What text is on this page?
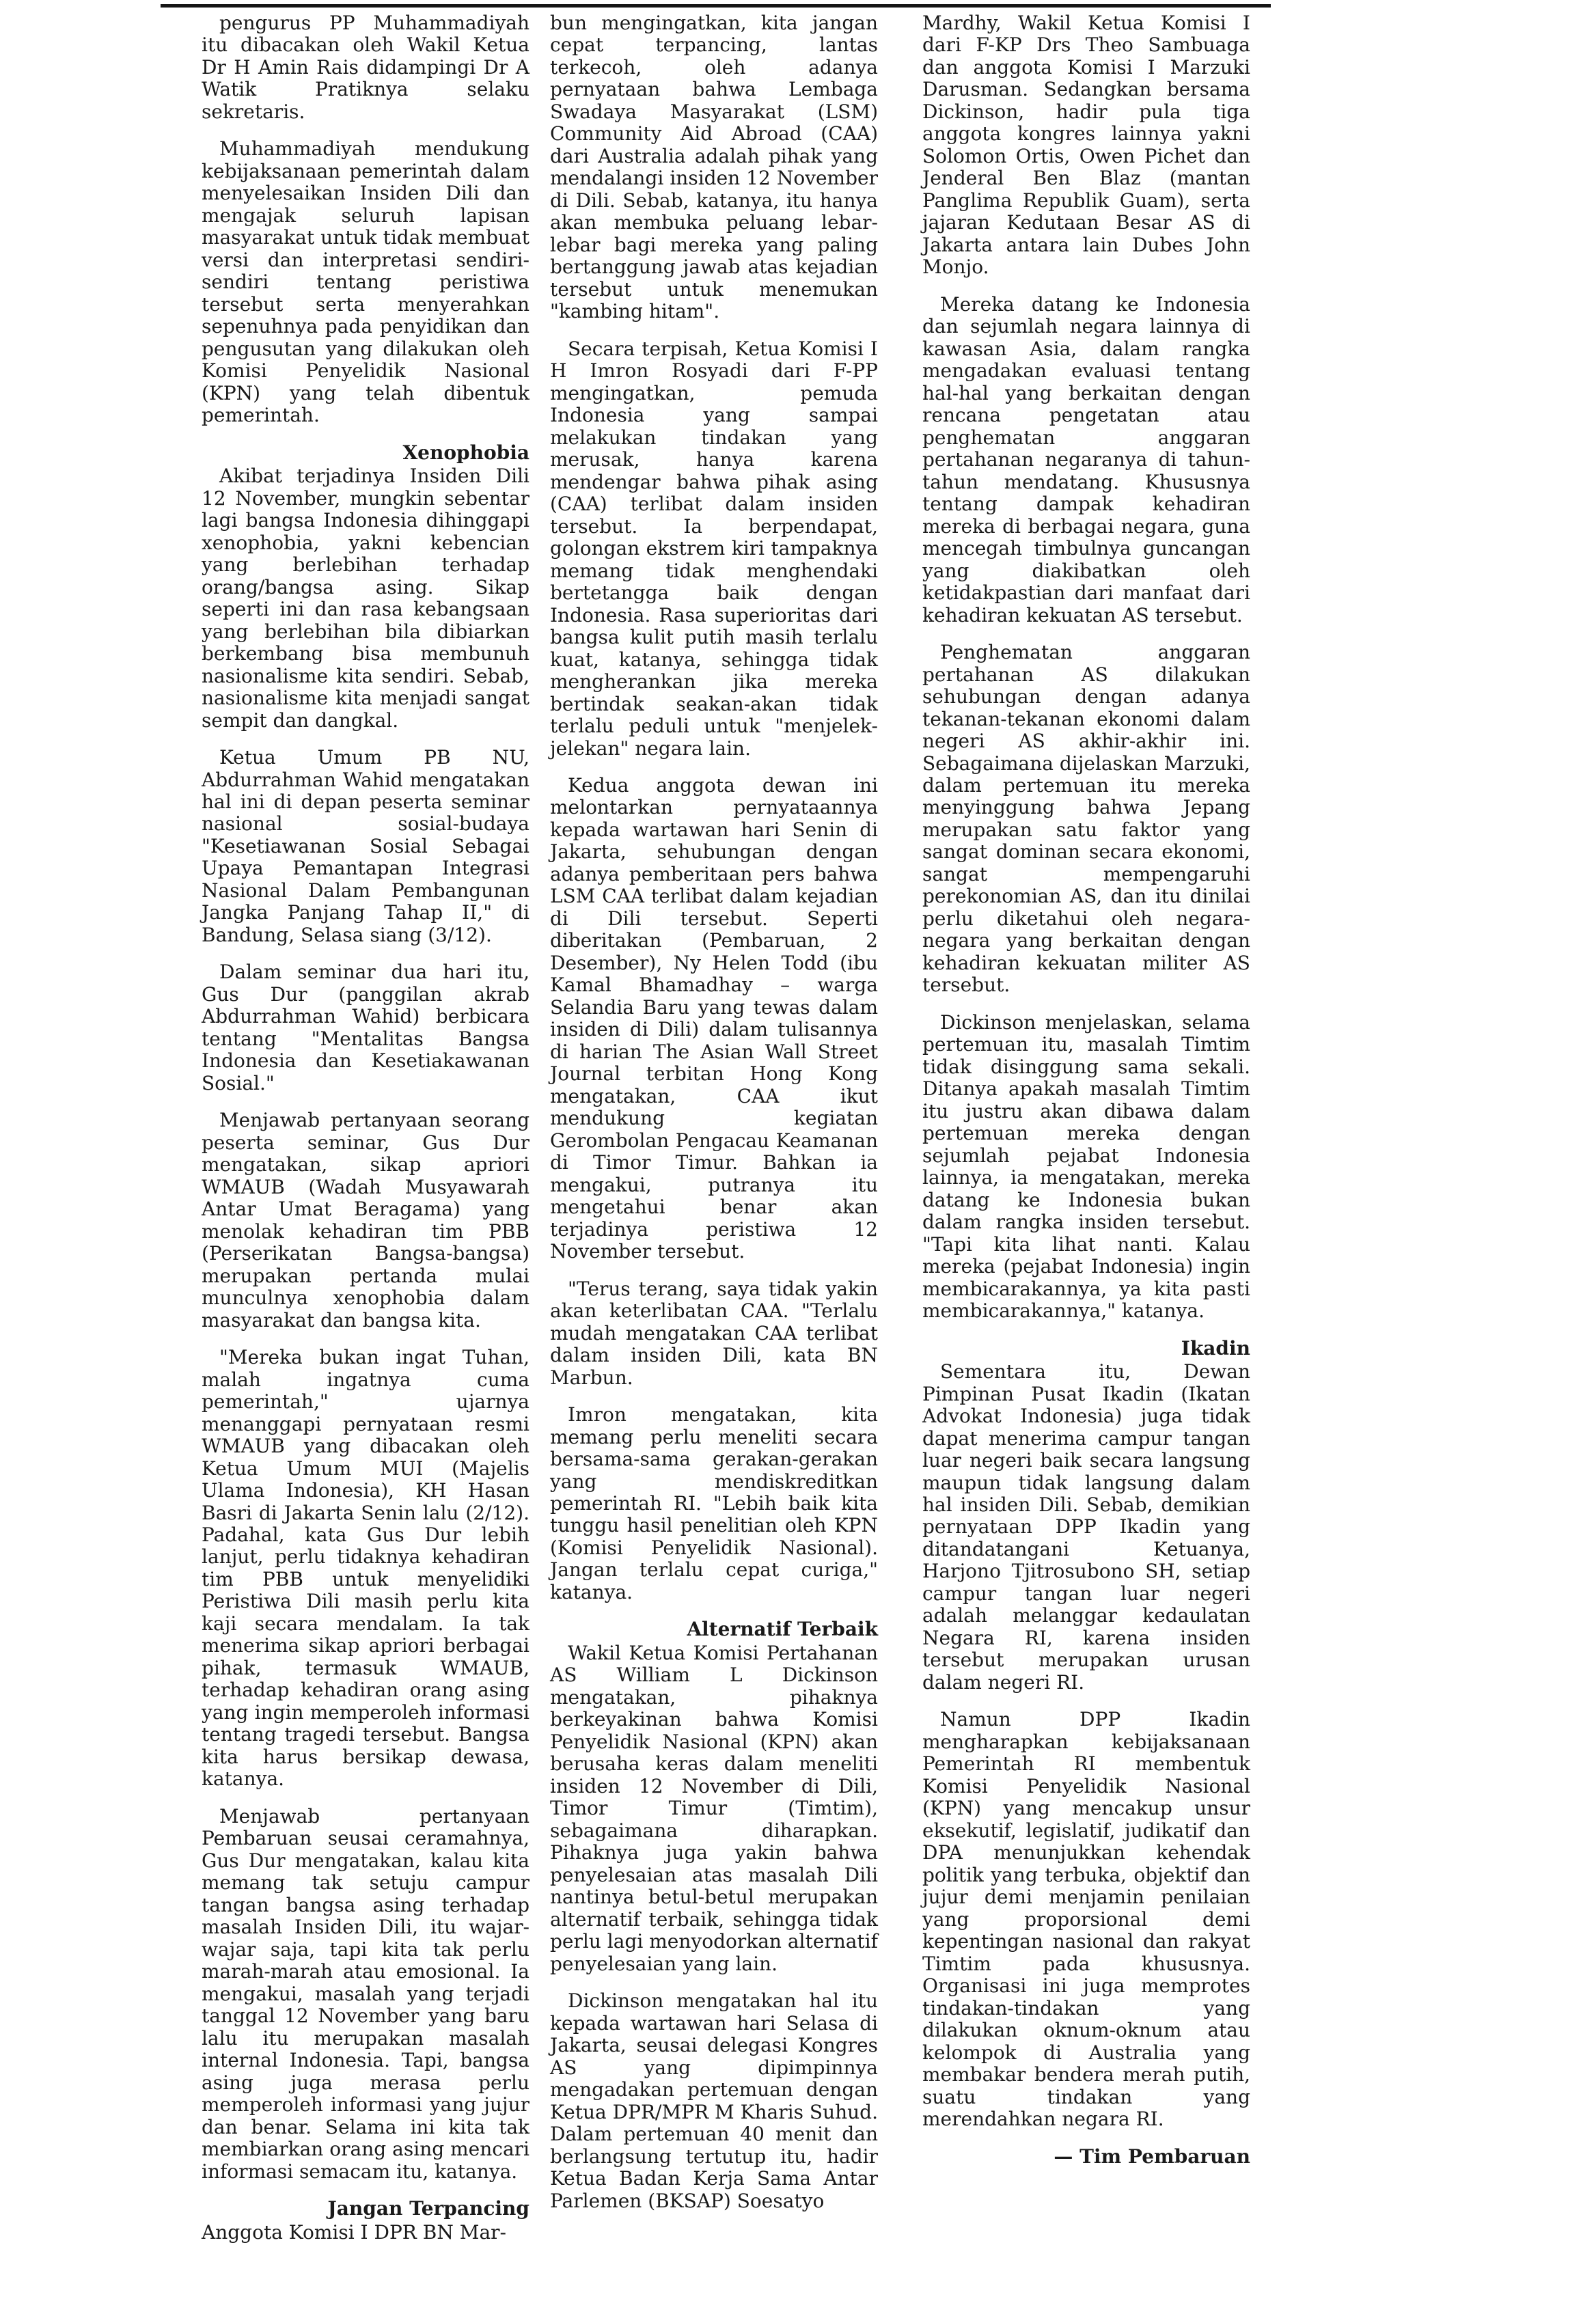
pengurus PP Muhammadiyah itu dibacakan oleh Wakil Ketua Dr H Amin Rais didampingi Dr A Watik Pratiknya selaku sekretaris.

Muhammadiyah mendukung kebijaksanaan pemerintah dalam menyelesaikan Insiden Dili dan mengajak seluruh lapisan masyarakat untuk tidak membuat versi dan interpretasi sendiri-sendiri tentang peristiwa tersebut serta menyerahkan sepenuhnya pada penyidikan dan pengusutan yang dilakukan oleh Komisi Penyelidik Nasional (KPN) yang telah dibentuk pemerintah.

Xenophobia

Akibat terjadinya Insiden Dili 12 November, mungkin sebentar lagi bangsa Indonesia dihinggapi xenophobia, yakni kebencian yang berlebihan terhadap orang/bangsa asing. Sikap seperti ini dan rasa kebangsaan yang berlebihan bila dibiarkan berkembang bisa membunuh nasionalisme kita sendiri. Sebab, nasionalisme kita menjadi sangat sempit dan dangkal.

Ketua Umum PB NU, Abdurrahman Wahid mengatakan hal ini di depan peserta seminar nasional sosial-budaya "Kesetiawanan Sosial Sebagai Upaya Pemantapan Integrasi Nasional Dalam Pembangunan Jangka Panjang Tahap II," di Bandung, Selasa siang (3/12).

Dalam seminar dua hari itu, Gus Dur (panggilan akrab Abdurrahman Wahid) berbicara tentang "Mentalitas Bangsa Indonesia dan Kesetiakawanan Sosial."

Menjawab pertanyaan seorang peserta seminar, Gus Dur mengatakan, sikap apriori WMAUB (Wadah Musyawarah Antar Umat Beragama) yang menolak kehadiran tim PBB (Perserikatan Bangsa-bangsa) merupakan pertanda mulai munculnya xenophobia dalam masyarakat dan bangsa kita.

"Mereka bukan ingat Tuhan, malah ingatnya cuma pemerintah," ujarnya menanggapi pernyataan resmi WMAUB yang dibacakan oleh Ketua Umum MUI (Majelis Ulama Indonesia), KH Hasan Basri di Jakarta Senin lalu (2/12). Padahal, kata Gus Dur lebih lanjut, perlu tidaknya kehadiran tim PBB untuk menyelidiki Peristiwa Dili masih perlu kita kaji secara mendalam. Ia tak menerima sikap apriori berbagai pihak, termasuk WMAUB, terhadap kehadiran orang asing yang ingin memperoleh informasi tentang tragedi tersebut. Bangsa kita harus bersikap dewasa, katanya.

Menjawab pertanyaan Pembaruan seusai ceramahnya, Gus Dur mengatakan, kalau kita memang tak setuju campur tangan bangsa asing terhadap masalah Insiden Dili, itu wajar-wajar saja, tapi kita tak perlu marah-marah atau emosional. Ia mengakui, masalah yang terjadi tanggal 12 November yang baru lalu itu merupakan masalah internal Indonesia. Tapi, bangsa asing juga merasa perlu memperoleh informasi yang jujur dan benar. Selama ini kita tak membiarkan orang asing mencari informasi semacam itu, katanya.

Jangan Terpancing

Anggota Komisi I DPR BN Mar-

bun mengingatkan, kita jangan cepat terpancing, lantas terkecoh, oleh adanya pernyataan bahwa Lembaga Swadaya Masyarakat (LSM) Community Aid Abroad (CAA) dari Australia adalah pihak yang mendalangi insiden 12 November di Dili. Sebab, katanya, itu hanya akan membuka peluang lebar-lebar bagi mereka yang paling bertanggung jawab atas kejadian tersebut untuk menemukan "kambing hitam".

Secara terpisah, Ketua Komisi I H Imron Rosyadi dari F-PP mengingatkan, pemuda Indonesia yang sampai melakukan tindakan yang merusak, hanya karena mendengar bahwa pihak asing (CAA) terlibat dalam insiden tersebut. Ia berpendapat, golongan ekstrem kiri tampaknya memang tidak menghendaki bertetangga baik dengan Indonesia. Rasa superioritas dari bangsa kulit putih masih terlalu kuat, katanya, sehingga tidak mengherankan jika mereka bertindak seakan-akan tidak terlalu peduli untuk "menjelek-jelekan" negara lain.

Kedua anggota dewan ini melontarkan pernyataannya kepada wartawan hari Senin di Jakarta, sehubungan dengan adanya pemberitaan pers bahwa LSM CAA terlibat dalam kejadian di Dili tersebut. Seperti diberitakan (Pembaruan, 2 Desember), Ny Helen Todd (ibu Kamal Bhamadhay – warga Selandia Baru yang tewas dalam insiden di Dili) dalam tulisannya di harian The Asian Wall Street Journal terbitan Hong Kong mengatakan, CAA ikut mendukung kegiatan Gerombolan Pengacau Keamanan di Timor Timur. Bahkan ia mengakui, putranya itu mengetahui benar akan terjadinya peristiwa 12 November tersebut.

"Terus terang, saya tidak yakin akan keterlibatan CAA. "Terlalu mudah mengatakan CAA terlibat dalam insiden Dili, kata BN Marbun.

Imron mengatakan, kita memang perlu meneliti secara bersama-sama gerakan-gerakan yang mendiskreditkan pemerintah RI. "Lebih baik kita tunggu hasil penelitian oleh KPN (Komisi Penyelidik Nasional). Jangan terlalu cepat curiga," katanya.

Alternatif Terbaik

Wakil Ketua Komisi Pertahanan AS William L Dickinson mengatakan, pihaknya berkeyakinan bahwa Komisi Penyelidik Nasional (KPN) akan berusaha keras dalam meneliti insiden 12 November di Dili, Timor Timur (Timtim), sebagaimana diharapkan. Pihaknya juga yakin bahwa penyelesaian atas masalah Dili nantinya betul-betul merupakan alternatif terbaik, sehingga tidak perlu lagi menyodorkan alternatif penyelesaian yang lain.

Dickinson mengatakan hal itu kepada wartawan hari Selasa di Jakarta, seusai delegasi Kongres AS yang dipimpinnya mengadakan pertemuan dengan Ketua DPR/MPR M Kharis Suhud. Dalam pertemuan 40 menit dan berlangsung tertutup itu, hadir Ketua Badan Kerja Sama Antar Parlemen (BKSAP) Soesatyo

Mardhy, Wakil Ketua Komisi I dari F-KP Drs Theo Sambuaga dan anggota Komisi I Marzuki Darusman. Sedangkan bersama Dickinson, hadir pula tiga anggota kongres lainnya yakni Solomon Ortis, Owen Pichet dan Jenderal Ben Blaz (mantan Panglima Republik Guam), serta jajaran Kedutaan Besar AS di Jakarta antara lain Dubes John Monjo.

Mereka datang ke Indonesia dan sejumlah negara lainnya di kawasan Asia, dalam rangka mengadakan evaluasi tentang hal-hal yang berkaitan dengan rencana pengetatan atau penghematan anggaran pertahanan negaranya di tahun-tahun mendatang. Khususnya tentang dampak kehadiran mereka di berbagai negara, guna mencegah timbulnya guncangan yang diakibatkan oleh ketidakpastian dari manfaat dari kehadiran kekuatan AS tersebut.

Penghematan anggaran pertahanan AS dilakukan sehubungan dengan adanya tekanan-tekanan ekonomi dalam negeri AS akhir-akhir ini. Sebagaimana dijelaskan Marzuki, dalam pertemuan itu mereka menyinggung bahwa Jepang merupakan satu faktor yang sangat dominan secara ekonomi, sangat mempengaruhi perekonomian AS, dan itu dinilai perlu diketahui oleh negara-negara yang berkaitan dengan kehadiran kekuatan militer AS tersebut.

Dickinson menjelaskan, selama pertemuan itu, masalah Timtim tidak disinggung sama sekali. Ditanya apakah masalah Timtim itu justru akan dibawa dalam pertemuan mereka dengan sejumlah pejabat Indonesia lainnya, ia mengatakan, mereka datang ke Indonesia bukan dalam rangka insiden tersebut. "Tapi kita lihat nanti. Kalau mereka (pejabat Indonesia) ingin membicarakannya, ya kita pasti membicarakannya," katanya.

Ikadin

Sementara itu, Dewan Pimpinan Pusat Ikadin (Ikatan Advokat Indonesia) juga tidak dapat menerima campur tangan luar negeri baik secara langsung maupun tidak langsung dalam hal insiden Dili. Sebab, demikian pernyataan DPP Ikadin yang ditandatangani Ketuanya, Harjono Tjitrosubono SH, setiap campur tangan luar negeri adalah melanggar kedaulatan Negara RI, karena insiden tersebut merupakan urusan dalam negeri RI.

Namun DPP Ikadin mengharapkan kebijaksanaan Pemerintah RI membentuk Komisi Penyelidik Nasional (KPN) yang mencakup unsur eksekutif, legislatif, judikatif dan DPA menunjukkan kehendak politik yang terbuka, objektif dan jujur demi menjamin penilaian yang proporsional demi kepentingan nasional dan rakyat Timtim pada khususnya. Organisasi ini juga memprotes tindakan-tindakan yang dilakukan oknum-oknum atau kelompok di Australia yang membakar bendera merah putih, suatu tindakan yang merendahkan negara RI.

— Tim Pembaruan
